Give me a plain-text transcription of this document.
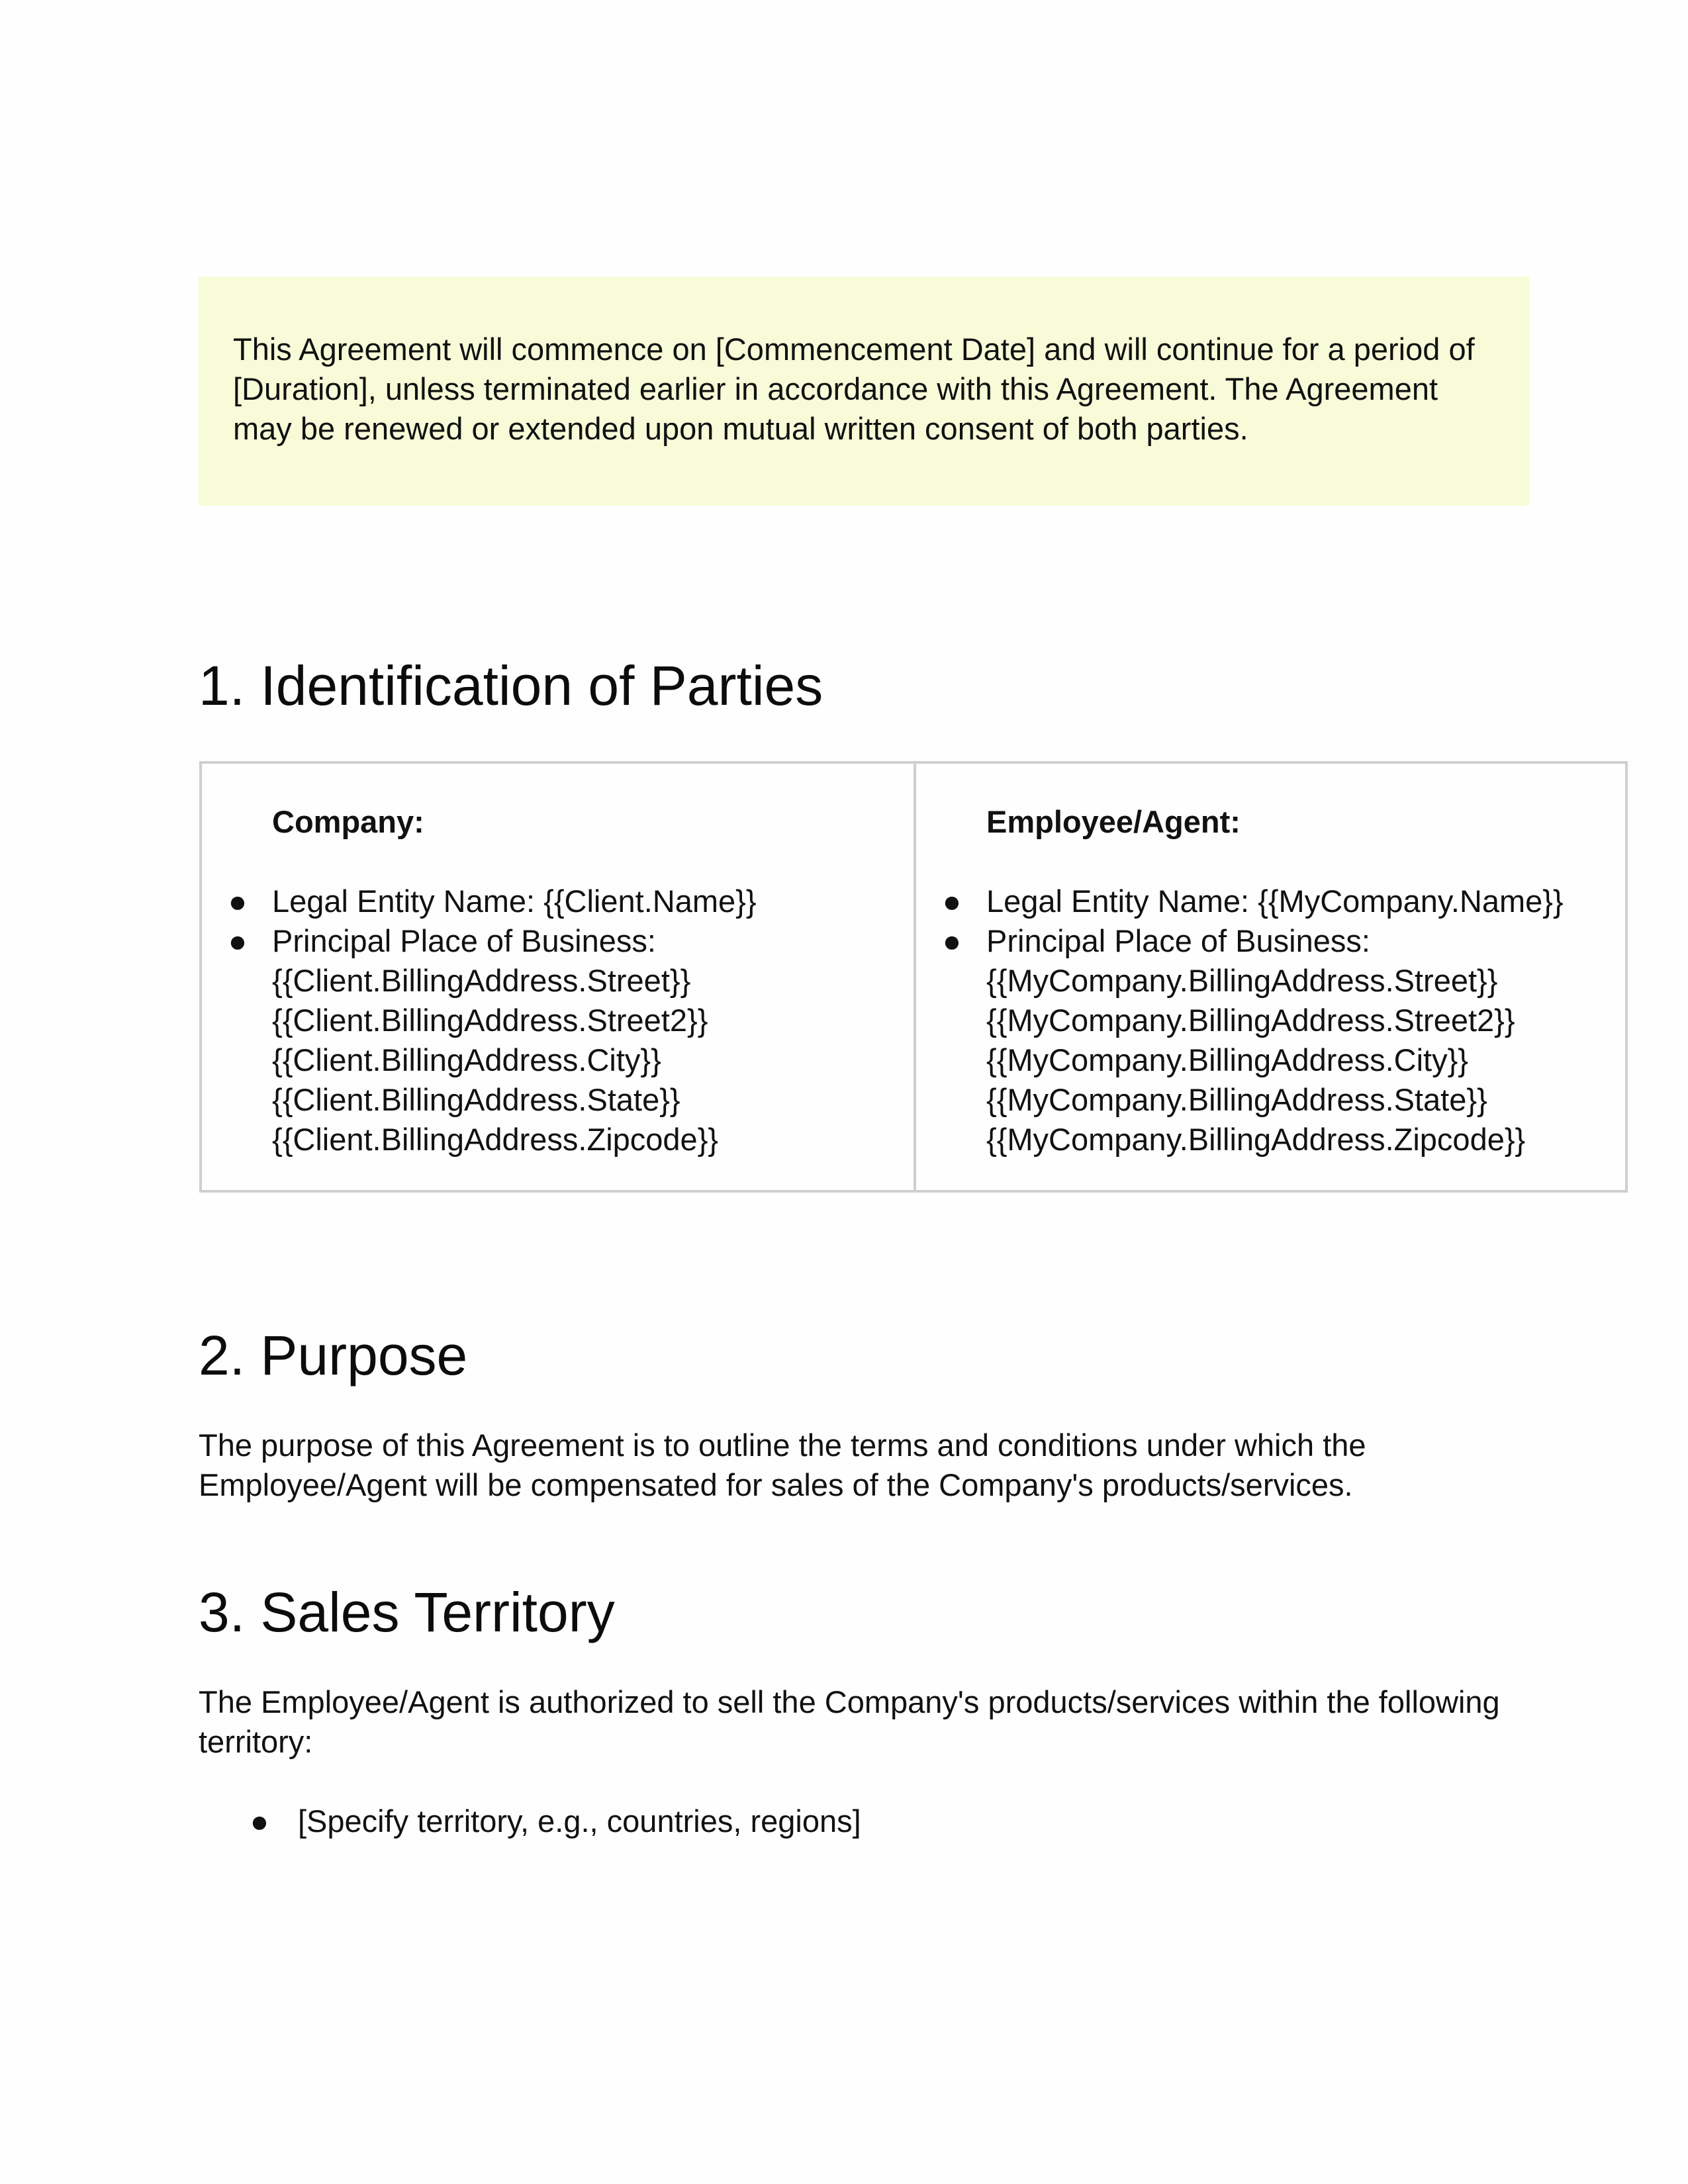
This Agreement will commence on [Commencement Date] and will continue for a period of [Duration], unless terminated earlier in accordance with this Agreement. The Agreement may be renewed or extended upon mutual written consent of both parties.

1. Identification of Parties

Company:

● Legal Entity Name: {{Client.Name}}
● Principal Place of Business:
{{Client.BillingAddress.Street}}
{{Client.BillingAddress.Street2}}
{{Client.BillingAddress.City}}
{{Client.BillingAddress.State}}
{{Client.BillingAddress.Zipcode}}

Employee/Agent:

● Legal Entity Name: {{MyCompany.Name}}
● Principal Place of Business:
{{MyCompany.BillingAddress.Street}}
{{MyCompany.BillingAddress.Street2}}
{{MyCompany.BillingAddress.City}}
{{MyCompany.BillingAddress.State}}
{{MyCompany.BillingAddress.Zipcode}}
2. Purpose

The purpose of this Agreement is to outline the terms and conditions under which the Employee/Agent will be compensated for sales of the Company's products/services.

3. Sales Territory

The Employee/Agent is authorized to sell the Company's products/services within the following territory:

● [Specify territory, e.g., countries, regions]
